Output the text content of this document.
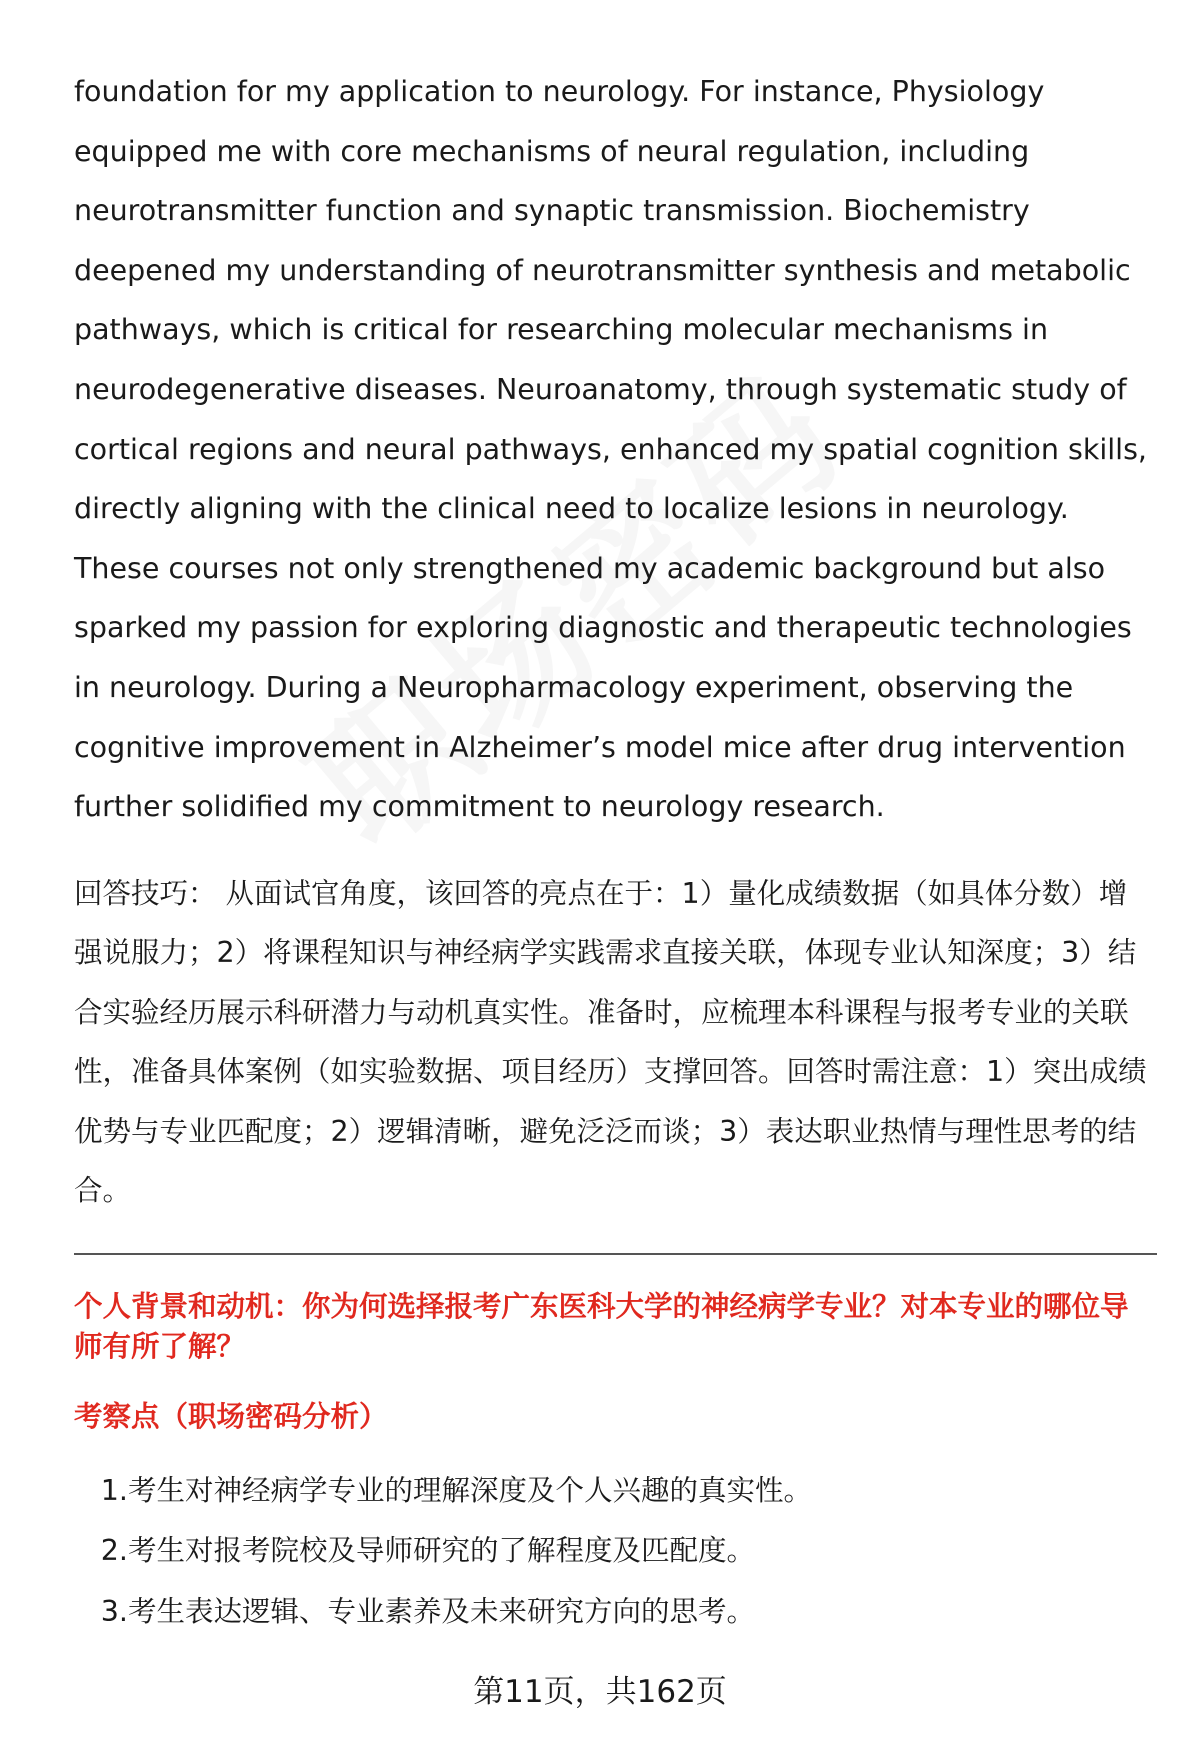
foundation for my application to neurology. For instance, Physiology equipped me with core mechanisms of neural regulation, including neurotransmitter function and synaptic transmission. Biochemistry deepened my understanding of neurotransmitter synthesis and metabolic pathways, which is critical for researching molecular mechanisms in neurodegenerative diseases. Neuroanatomy, through systematic study of cortical regions and neural pathways, enhanced my spatial cognition skills, directly aligning with the clinical need to localize lesions in neurology. These courses not only strengthened my academic background but also sparked my passion for exploring diagnostic and therapeutic technologies in neurology. During a Neuropharmacology experiment, observing the cognitive improvement in Alzheimer’s model mice after drug intervention further solidified my commitment to neurology research.

回答技巧： 从面试官角度，该回答的亮点在于：1）量化成绩数据（如具体分数）增强说服力；2）将课程知识与神经病学实践需求直接关联，体现专业认知深度；3）结合实验经历展示科研潜力与动机真实性。准备时，应梳理本科课程与报考专业的关联性，准备具体案例（如实验数据、项目经历）支撑回答。回答时需注意：1）突出成绩优势与专业匹配度；2）逻辑清晰，避免泛泛而谈；3）表达职业热情与理性思考的结合。

个人背景和动机：你为何选择报考广东医科大学的神经病学专业？对本专业的哪位导师有所了解？

考察点（职场密码分析）

1. 考生对神经病学专业的理解深度及个人兴趣的真实性。
2. 考生对报考院校及导师研究的了解程度及匹配度。
3. 考生表达逻辑、专业素养及未来研究方向的思考。
第11页，共162页
